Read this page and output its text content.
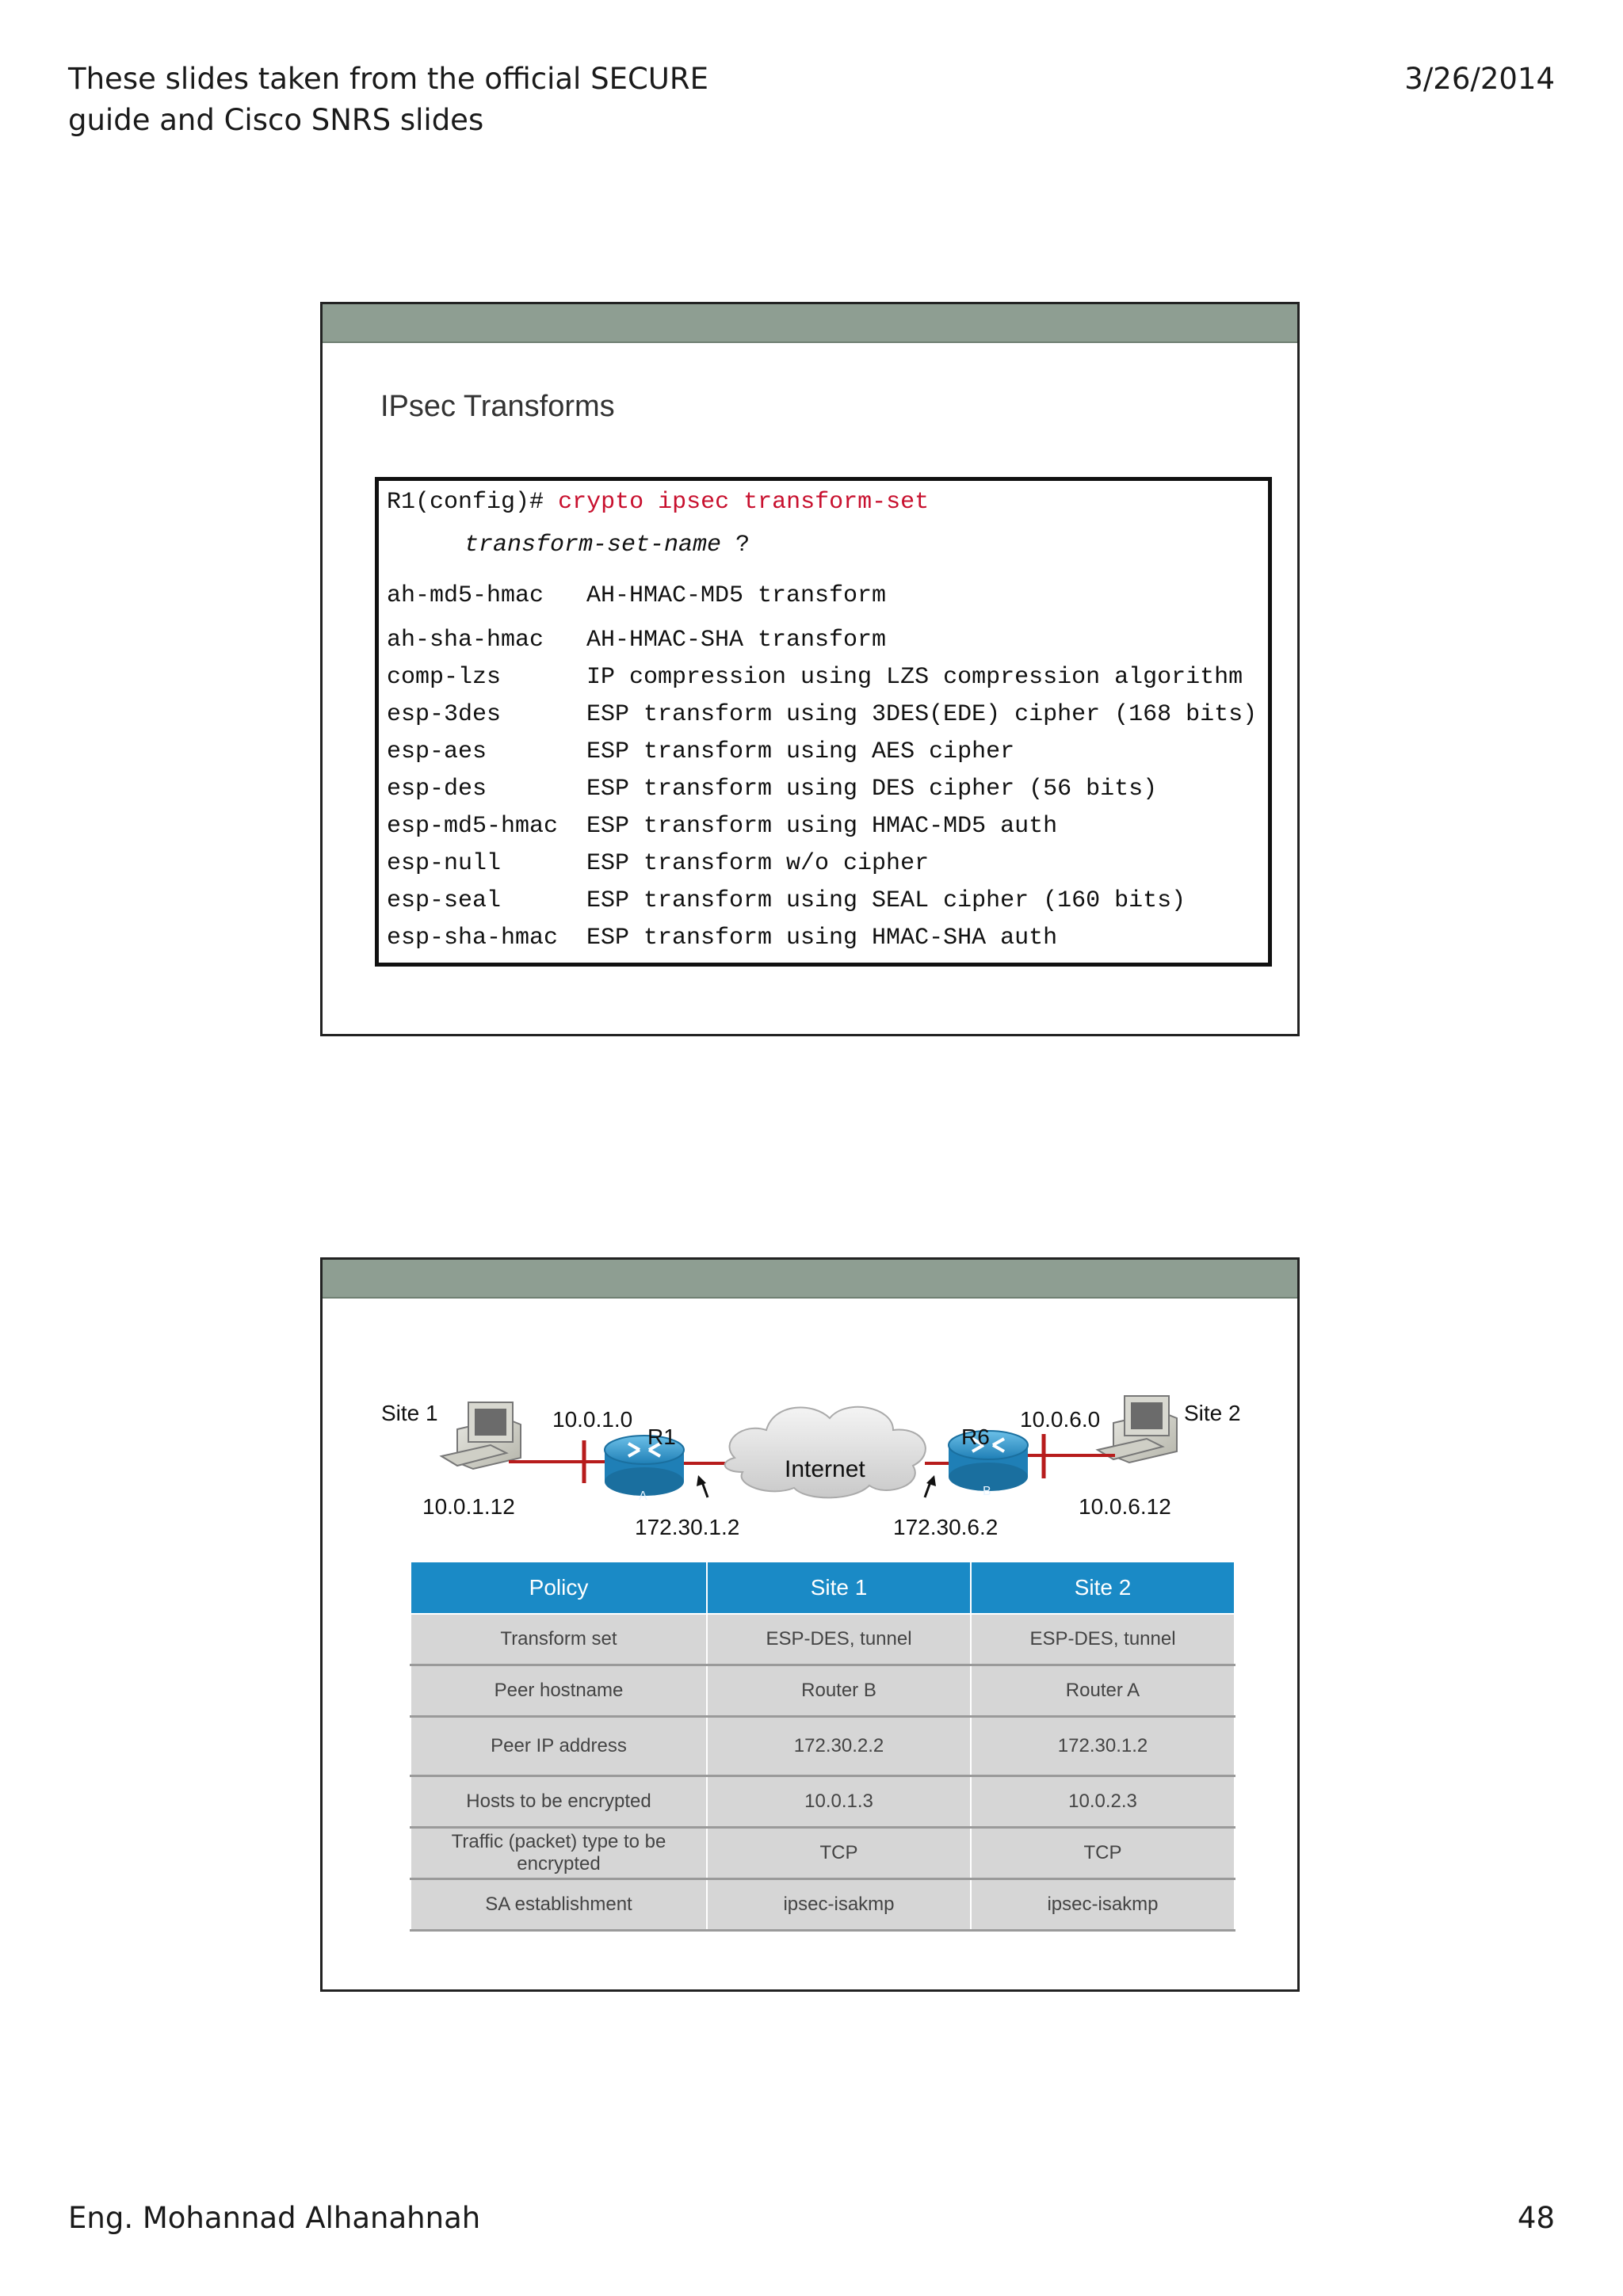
These slides taken from the official SECURE
guide and Cisco SNRS slides
3/26/2014
IPsec Transforms
R1(config)# crypto ipsec transform-set
transform-set-name ?
ah-md5-hmac AH-HMAC-MD5 transform
ah-sha-hmac AH-HMAC-SHA transform
comp-lzs	IP compression using LZS compression algorithm
esp-3des	ESP transform using 3DES(EDE) cipher (168 bits)
esp-aes	ESP transform using AES cipher
esp-des	ESP transform using DES cipher (56 bits)
esp-md5-hmac ESP transform using HMAC-MD5 auth
esp-null	ESP transform w/o cipher
esp-seal	ESP transform using SEAL cipher (160 bits)
esp-sha-hmac ESP transform using HMAC-SHA auth
Site 1	Site 2
10.0.1.0	10.0.6.0
R1	R6
A	B
Internet
10.0.1.12	10.0.6.12
172.30.1.2	172.30.6.2
Policy	Site 1	Site 2
Transform set	ESP-DES, tunnel	ESP-DES, tunnel
Peer hostname	Router B	Router A
Peer IP address	172.30.2.2	172.30.1.2
Hosts to be encrypted	10.0.1.3	10.0.2.3
Traffic (packet) type to be encrypted	TCP	TCP
SA establishment	ipsec-isakmp	ipsec-isakmp
Eng. Mohannad Alhanahnah	48
